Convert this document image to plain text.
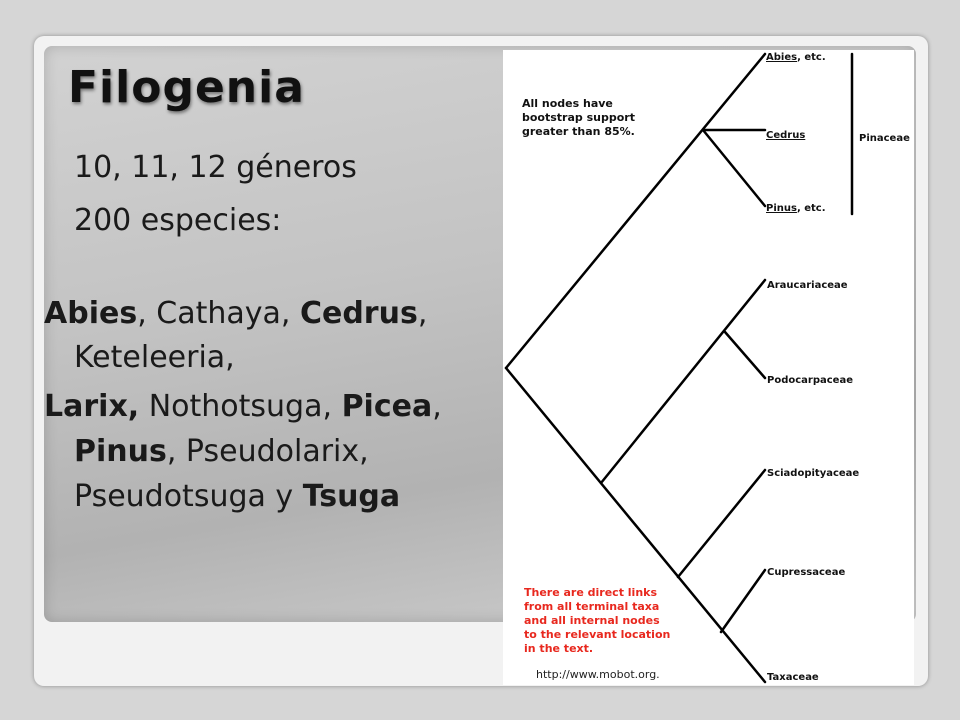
Filogenia

10, 11, 12 géneros

200 especies:

Abies, Cathaya, Cedrus,

Keteleeria,

Larix, Nothotsuga, Picea,

Pinus, Pseudolarix,

Pseudotsuga y Tsuga

Abies, etc.
Cedrus
Pinus, etc.
Araucariaceae
Podocarpaceae
Sciadopityaceae
Cupressaceae
Taxaceae
Pinaceae
All nodes have
bootstrap support
greater than 85%.
There are direct links
from all terminal taxa
and all internal nodes
to the relevant location
in the text.
http://www.mobot.org.
